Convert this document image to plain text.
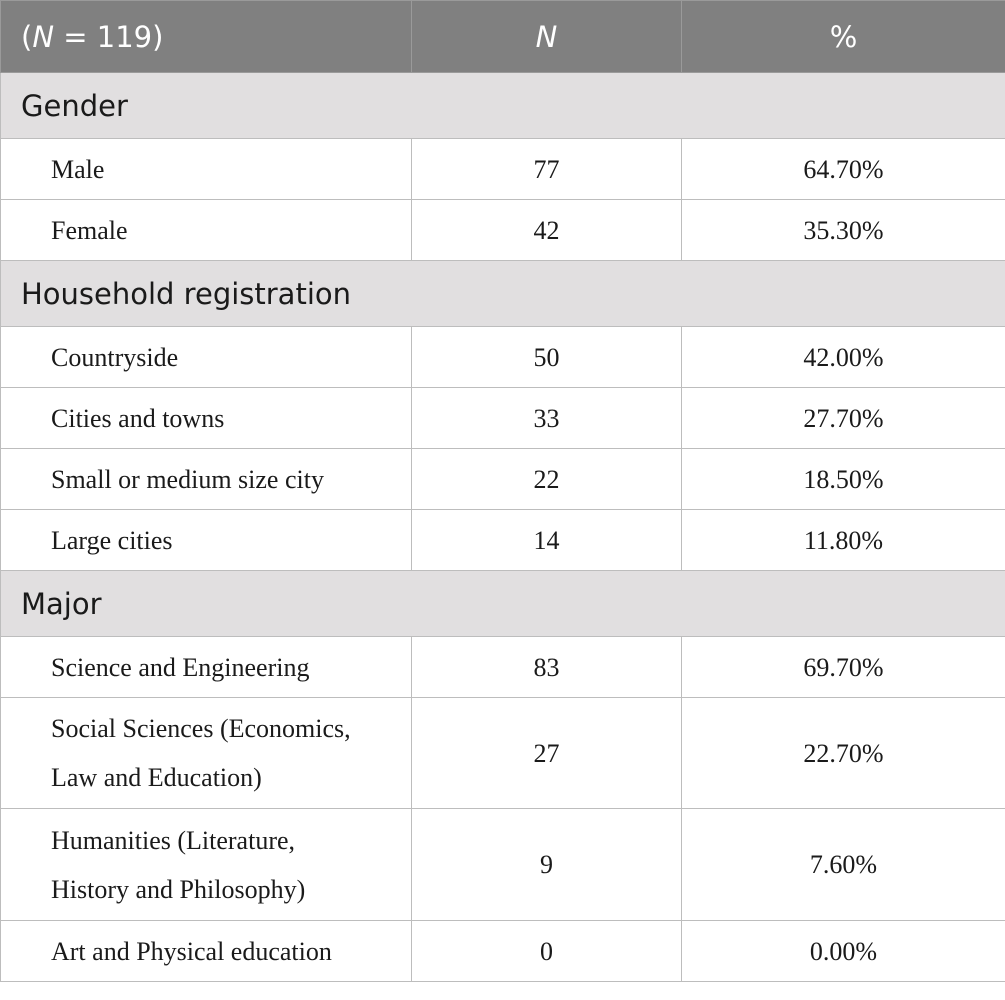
(N = 119)	N	%
Gender		
Male	77	64.70%
Female	42	35.30%
Household registration		
Countryside	50	42.00%
Cities and towns	33	27.70%
Small or medium size city	22	18.50%
Large cities	14	11.80%
Major		
Science and Engineering	83	69.70%
Social Sciences (Economics,
Law and Education)	27	22.70%
Humanities (Literature,
History and Philosophy)	9	7.60%
Art and Physical education	0	0.00%
